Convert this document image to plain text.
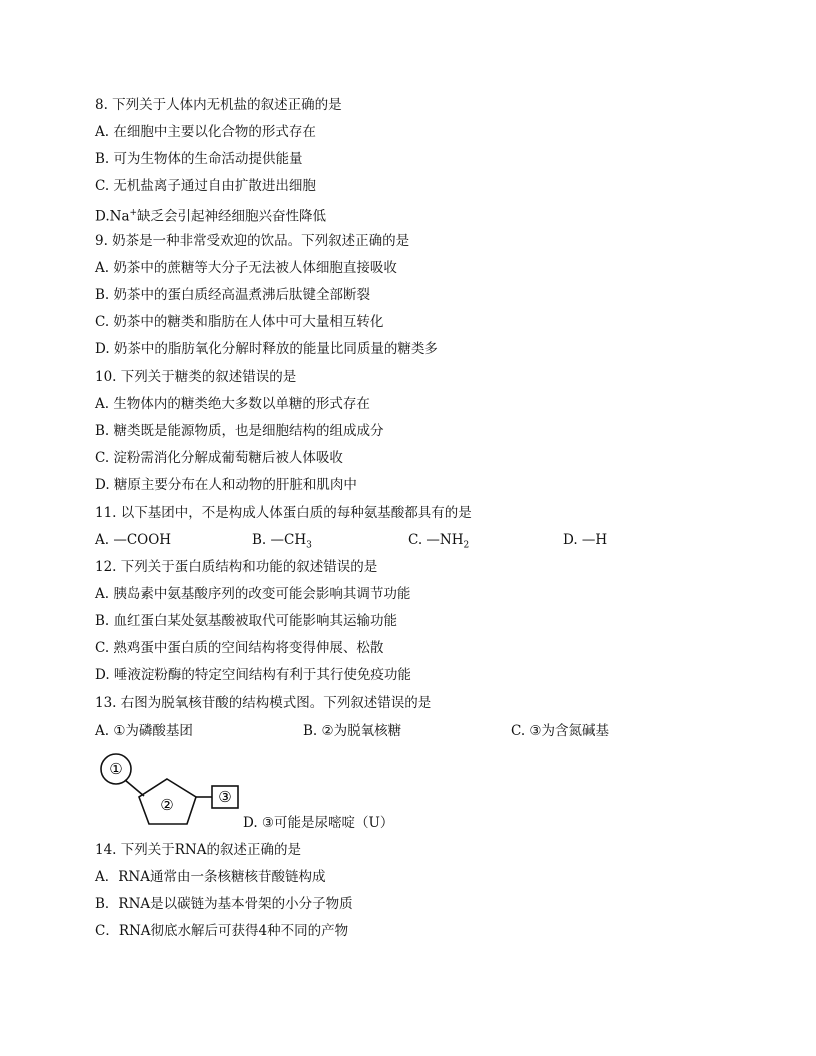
8. 下列关于人体内无机盐的叙述正确的是
A. 在细胞中主要以化合物的形式存在
B. 可为生物体的生命活动提供能量
C. 无机盐离子通过自由扩散进出细胞
D.Na+缺乏会引起神经细胞兴奋性降低
9. 奶茶是一种非常受欢迎的饮品。下列叙述正确的是
A. 奶茶中的蔗糖等大分子无法被人体细胞直接吸收
B. 奶茶中的蛋白质经高温煮沸后肽键全部断裂
C. 奶茶中的糖类和脂肪在人体中可大量相互转化
D. 奶茶中的脂肪氧化分解时释放的能量比同质量的糖类多
10. 下列关于糖类的叙述错误的是
A. 生物体内的糖类绝大多数以单糖的形式存在
B. 糖类既是能源物质，也是细胞结构的组成成分
C. 淀粉需消化分解成葡萄糖后被人体吸收
D. 糖原主要分布在人和动物的肝脏和肌肉中
11. 以下基团中，不是构成人体蛋白质的每种氨基酸都具有的是
A. —COOH	B. $—CH_3$	C. $—NH_2$	D. —H
12. 下列关于蛋白质结构和功能的叙述错误的是
A. 胰岛素中氨基酸序列的改变可能会影响其调节功能
B. 血红蛋白某处氨基酸被取代可能影响其运输功能
C. 熟鸡蛋中蛋白质的空间结构将变得伸展、松散
D. 唾液淀粉酶的特定空间结构有利于其行使免疫功能
13. 右图为脱氧核苷酸的结构模式图。下列叙述错误的是
A. ①为磷酸基团	B. ②为脱氧核糖	C. ③为含氮碱基
①
②	③
D. ③可能是尿嘧啶（U）
14. 下列关于RNA的叙述正确的是
A．RNA通常由一条核糖核苷酸链构成
B．RNA是以碳链为基本骨架的小分子物质
C．RNA彻底水解后可获得4种不同的产物
